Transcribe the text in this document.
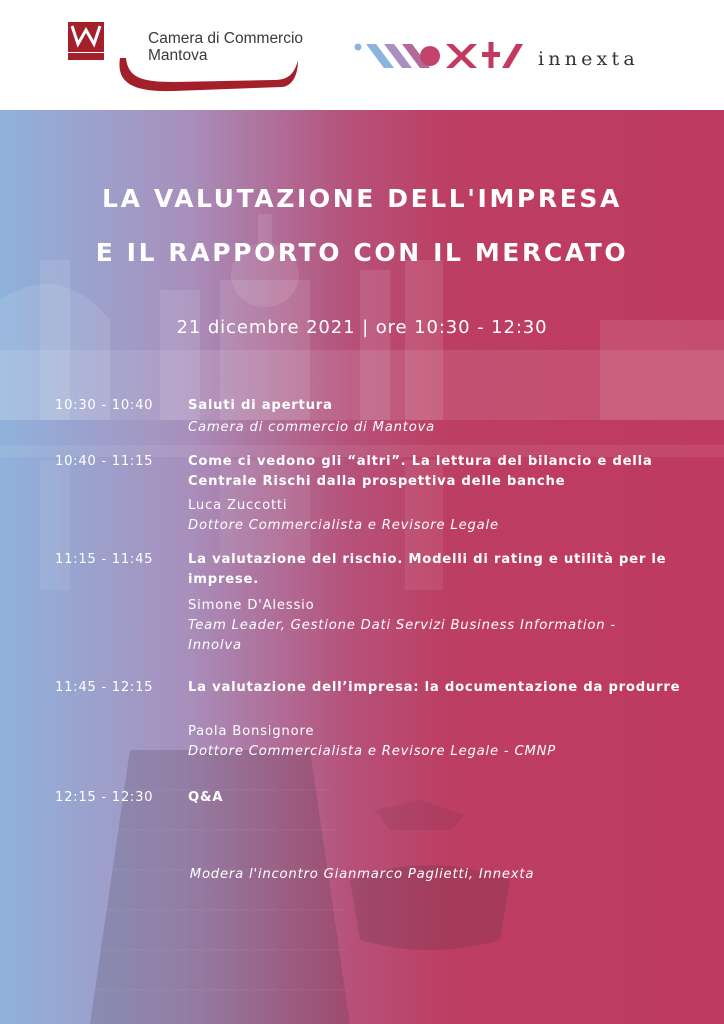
Camera di Commercio
Mantova	innexta
LA VALUTAZIONE DELL'IMPRESA
E IL RAPPORTO CON IL MERCATO
21 dicembre 2021 | ore 10:30 - 12:30
10:30 - 10:40	Saluti di apertura
Camera di commercio di Mantova
10:40 - 11:15	Come ci vedono gli “altri”. La lettura del bilancio e della Centrale Rischi dalla prospettiva delle banche
Luca Zuccotti
Dottore Commercialista e Revisore Legale
11:15 - 11:45	La valutazione del rischio. Modelli di rating e utilità per le imprese.
Simone D'Alessio
Team Leader, Gestione Dati Servizi Business Information - Innolva
11:45 - 12:15	La valutazione dell’impresa: la documentazione da produrre
Paola Bonsignore
Dottore Commercialista e Revisore Legale - CMNP
12:15 - 12:30	Q&A
Modera l'incontro Gianmarco Paglietti, Innexta
